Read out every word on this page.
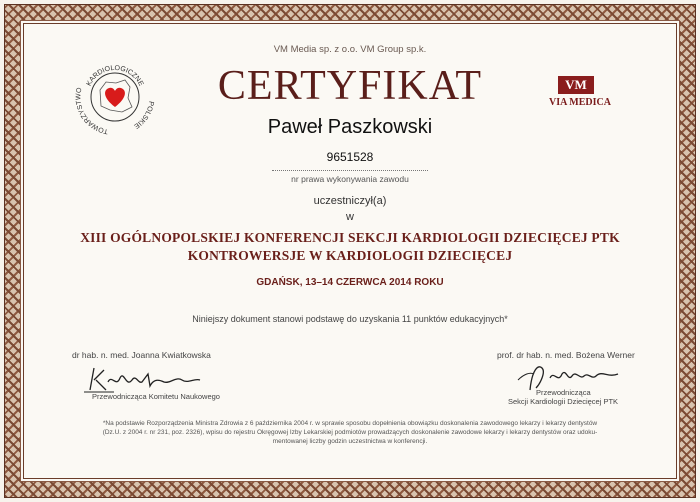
KARDIOLOGICZNE
TOWARZYSTWO
POLSKIE
VM
VIA MEDICA
VM Media sp. z o.o. VM Group sp.k.
CERTYFIKAT
Paweł Paszkowski
9651528
nr prawa wykonywania zawodu
uczestniczył(a)
w
XIII OGÓLNOPOLSKIEJ KONFERENCJI SEKCJI KARDIOLOGII DZIECIĘCEJ PTK
KONTROWERSJE W KARDIOLOGII DZIECIĘCEJ
GDAŃSK, 13–14 CZERWCA 2014 ROKU
Niniejszy dokument stanowi podstawę do uzyskania 11 punktów edukacyjnych*
dr hab. n. med. Joanna Kwiatkowska
Przewodnicząca Komitetu Naukowego
prof. dr hab. n. med. Bożena Werner
Przewodnicząca
Sekcji Kardiologii Dziecięcej PTK
*Na podstawie Rozporządzenia Ministra Zdrowia z 6 października 2004 r. w sprawie sposobu dopełnienia obowiązku doskonalenia zawodowego lekarzy i lekarzy dentystów
(Dz.U. z 2004 r. nr 231, poz. 2326), wpisu do rejestru Okręgowej Izby Lekarskiej podmiotów prowadzących doskonalenie zawodowe lekarzy i lekarzy dentystów oraz udoku-
mentowanej liczby godzin uczestnictwa w konferencji.
